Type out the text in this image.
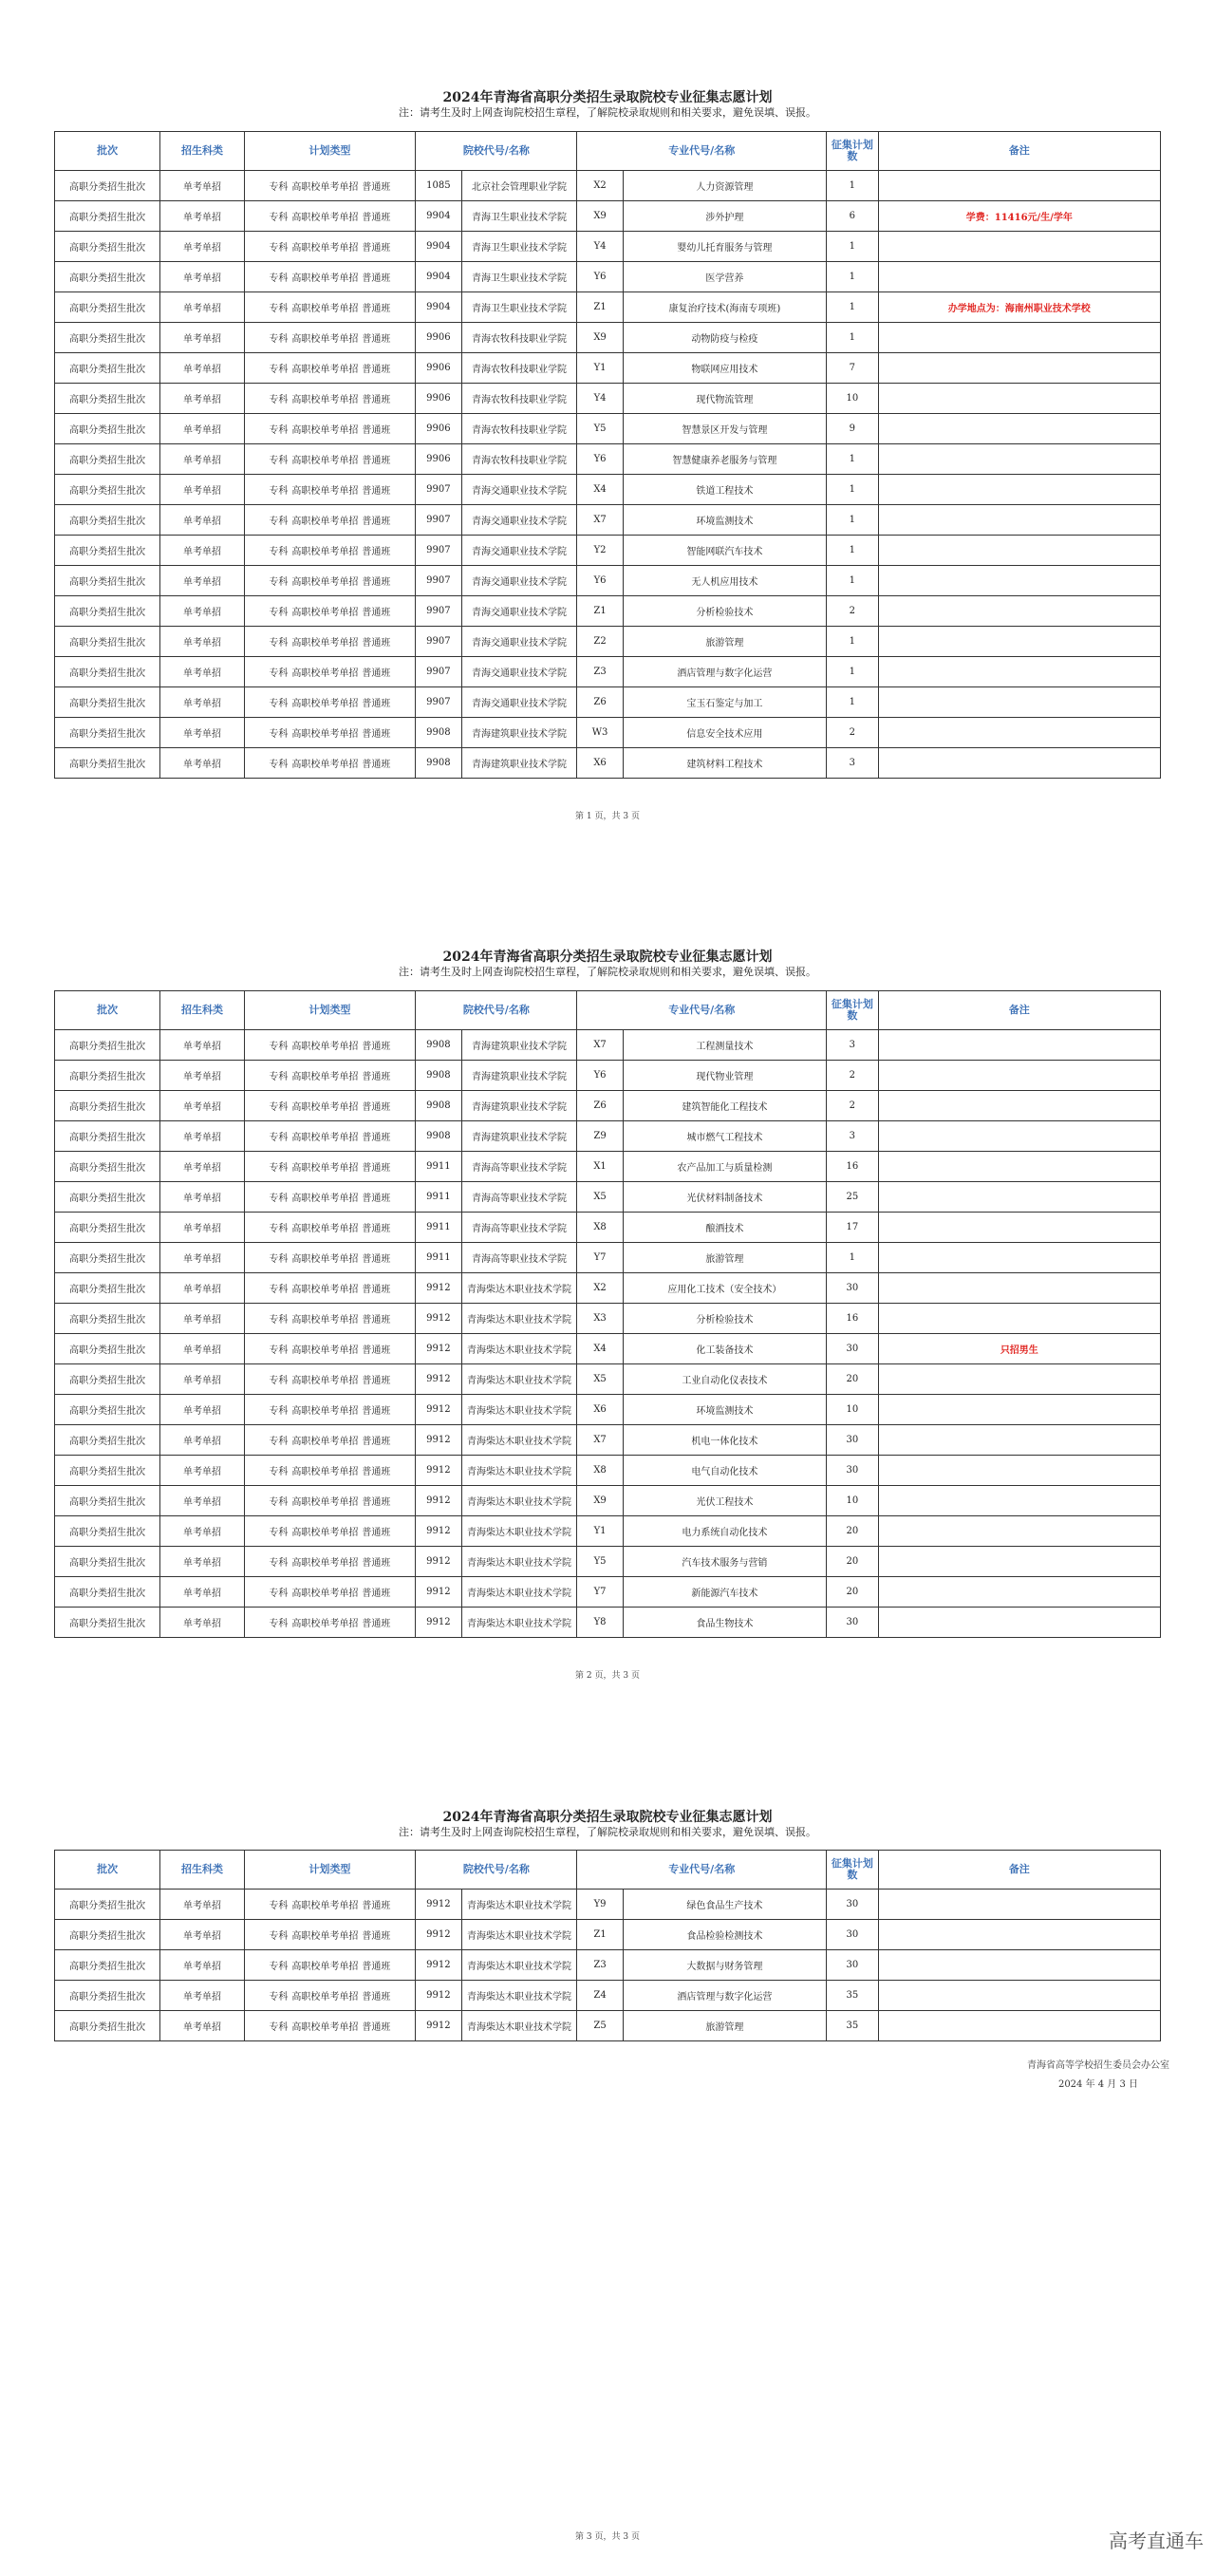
2024年青海省高职分类招生录取院校专业征集志愿计划
注：请考生及时上网查询院校招生章程，了解院校录取规则和相关要求，避免误填、误报。
批次	招生科类	计划类型	院校代号/名称		专业代号/名称		征集计划数	备注
高职分类招生批次	单考单招	专科 高职校单考单招 普通班	1085	北京社会管理职业学院	X2	人力资源管理	1	
高职分类招生批次	单考单招	专科 高职校单考单招 普通班	9904	青海卫生职业技术学院	X9	涉外护理	6	学费：11416元/生/学年
高职分类招生批次	单考单招	专科 高职校单考单招 普通班	9904	青海卫生职业技术学院	Y4	婴幼儿托育服务与管理	1	
高职分类招生批次	单考单招	专科 高职校单考单招 普通班	9904	青海卫生职业技术学院	Y6	医学营养	1	
高职分类招生批次	单考单招	专科 高职校单考单招 普通班	9904	青海卫生职业技术学院	Z1	康复治疗技术(海南专项班)	1	办学地点为：海南州职业技术学校
高职分类招生批次	单考单招	专科 高职校单考单招 普通班	9906	青海农牧科技职业学院	X9	动物防疫与检疫	1	
高职分类招生批次	单考单招	专科 高职校单考单招 普通班	9906	青海农牧科技职业学院	Y1	物联网应用技术	7	
高职分类招生批次	单考单招	专科 高职校单考单招 普通班	9906	青海农牧科技职业学院	Y4	现代物流管理	10	
高职分类招生批次	单考单招	专科 高职校单考单招 普通班	9906	青海农牧科技职业学院	Y5	智慧景区开发与管理	9	
高职分类招生批次	单考单招	专科 高职校单考单招 普通班	9906	青海农牧科技职业学院	Y6	智慧健康养老服务与管理	1	
高职分类招生批次	单考单招	专科 高职校单考单招 普通班	9907	青海交通职业技术学院	X4	铁道工程技术	1	
高职分类招生批次	单考单招	专科 高职校单考单招 普通班	9907	青海交通职业技术学院	X7	环境监测技术	1	
高职分类招生批次	单考单招	专科 高职校单考单招 普通班	9907	青海交通职业技术学院	Y2	智能网联汽车技术	1	
高职分类招生批次	单考单招	专科 高职校单考单招 普通班	9907	青海交通职业技术学院	Y6	无人机应用技术	1	
高职分类招生批次	单考单招	专科 高职校单考单招 普通班	9907	青海交通职业技术学院	Z1	分析检验技术	2	
高职分类招生批次	单考单招	专科 高职校单考单招 普通班	9907	青海交通职业技术学院	Z2	旅游管理	1	
高职分类招生批次	单考单招	专科 高职校单考单招 普通班	9907	青海交通职业技术学院	Z3	酒店管理与数字化运营	1	
高职分类招生批次	单考单招	专科 高职校单考单招 普通班	9907	青海交通职业技术学院	Z6	宝玉石鉴定与加工	1	
高职分类招生批次	单考单招	专科 高职校单考单招 普通班	9908	青海建筑职业技术学院	W3	信息安全技术应用	2	
高职分类招生批次	单考单招	专科 高职校单考单招 普通班	9908	青海建筑职业技术学院	X6	建筑材料工程技术	3	
第 1 页，共 3 页
2024年青海省高职分类招生录取院校专业征集志愿计划
注：请考生及时上网查询院校招生章程，了解院校录取规则和相关要求，避免误填、误报。
批次	招生科类	计划类型	院校代号/名称		专业代号/名称		征集计划数	备注
高职分类招生批次	单考单招	专科 高职校单考单招 普通班	9908	青海建筑职业技术学院	X7	工程测量技术	3	
高职分类招生批次	单考单招	专科 高职校单考单招 普通班	9908	青海建筑职业技术学院	Y6	现代物业管理	2	
高职分类招生批次	单考单招	专科 高职校单考单招 普通班	9908	青海建筑职业技术学院	Z6	建筑智能化工程技术	2	
高职分类招生批次	单考单招	专科 高职校单考单招 普通班	9908	青海建筑职业技术学院	Z9	城市燃气工程技术	3	
高职分类招生批次	单考单招	专科 高职校单考单招 普通班	9911	青海高等职业技术学院	X1	农产品加工与质量检测	16	
高职分类招生批次	单考单招	专科 高职校单考单招 普通班	9911	青海高等职业技术学院	X5	光伏材料制备技术	25	
高职分类招生批次	单考单招	专科 高职校单考单招 普通班	9911	青海高等职业技术学院	X8	酿酒技术	17	
高职分类招生批次	单考单招	专科 高职校单考单招 普通班	9911	青海高等职业技术学院	Y7	旅游管理	1	
高职分类招生批次	单考单招	专科 高职校单考单招 普通班	9912	青海柴达木职业技术学院	X2	应用化工技术（安全技术）	30	
高职分类招生批次	单考单招	专科 高职校单考单招 普通班	9912	青海柴达木职业技术学院	X3	分析检验技术	16	
高职分类招生批次	单考单招	专科 高职校单考单招 普通班	9912	青海柴达木职业技术学院	X4	化工装备技术	30	只招男生
高职分类招生批次	单考单招	专科 高职校单考单招 普通班	9912	青海柴达木职业技术学院	X5	工业自动化仪表技术	20	
高职分类招生批次	单考单招	专科 高职校单考单招 普通班	9912	青海柴达木职业技术学院	X6	环境监测技术	10	
高职分类招生批次	单考单招	专科 高职校单考单招 普通班	9912	青海柴达木职业技术学院	X7	机电一体化技术	30	
高职分类招生批次	单考单招	专科 高职校单考单招 普通班	9912	青海柴达木职业技术学院	X8	电气自动化技术	30	
高职分类招生批次	单考单招	专科 高职校单考单招 普通班	9912	青海柴达木职业技术学院	X9	光伏工程技术	10	
高职分类招生批次	单考单招	专科 高职校单考单招 普通班	9912	青海柴达木职业技术学院	Y1	电力系统自动化技术	20	
高职分类招生批次	单考单招	专科 高职校单考单招 普通班	9912	青海柴达木职业技术学院	Y5	汽车技术服务与营销	20	
高职分类招生批次	单考单招	专科 高职校单考单招 普通班	9912	青海柴达木职业技术学院	Y7	新能源汽车技术	20	
高职分类招生批次	单考单招	专科 高职校单考单招 普通班	9912	青海柴达木职业技术学院	Y8	食品生物技术	30	
第 2 页，共 3 页
2024年青海省高职分类招生录取院校专业征集志愿计划
注：请考生及时上网查询院校招生章程，了解院校录取规则和相关要求，避免误填、误报。
批次	招生科类	计划类型	院校代号/名称		专业代号/名称		征集计划数	备注
高职分类招生批次	单考单招	专科 高职校单考单招 普通班	9912	青海柴达木职业技术学院	Y9	绿色食品生产技术	30	
高职分类招生批次	单考单招	专科 高职校单考单招 普通班	9912	青海柴达木职业技术学院	Z1	食品检验检测技术	30	
高职分类招生批次	单考单招	专科 高职校单考单招 普通班	9912	青海柴达木职业技术学院	Z3	大数据与财务管理	30	
高职分类招生批次	单考单招	专科 高职校单考单招 普通班	9912	青海柴达木职业技术学院	Z4	酒店管理与数字化运营	35	
高职分类招生批次	单考单招	专科 高职校单考单招 普通班	9912	青海柴达木职业技术学院	Z5	旅游管理	35	
青海省高等学校招生委员会办公室
2024 年 4 月 3 日
第 3 页，共 3 页	高考直通车
